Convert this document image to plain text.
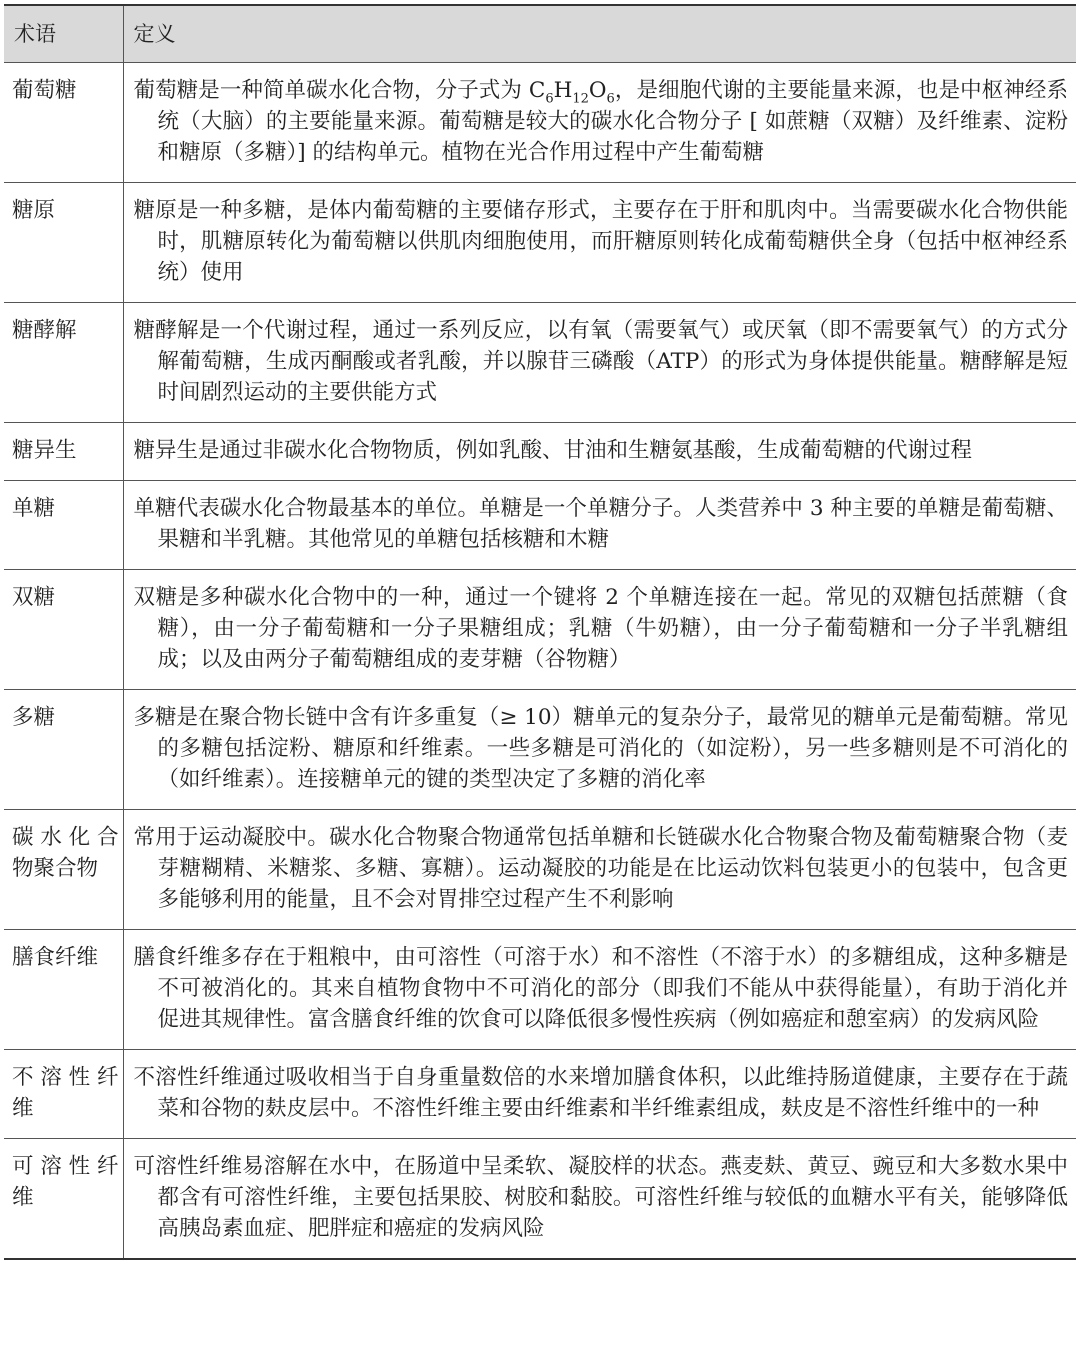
术语	定义
葡萄糖	葡萄糖是一种简单碳水化合物，分子式为 $C_6H_{12}O_6$，是细胞代谢的主要能量来源，也是中枢神经系统（大脑）的主要能量来源。葡萄糖是较大的碳水化合物分子 [ 如蔗糖（双糖）及纤维素、淀粉和糖原（多糖）] 的结构单元。植物在光合作用过程中产生葡萄糖

糖原	糖原是一种多糖，是体内葡萄糖的主要储存形式，主要存在于肝和肌肉中。当需要碳水化合物供能时，肌糖原转化为葡萄糖以供肌肉细胞使用，而肝糖原则转化成葡萄糖供全身（包括中枢神经系统）使用

糖酵解	糖酵解是一个代谢过程，通过一系列反应，以有氧（需要氧气）或厌氧（即不需要氧气）的方式分解葡萄糖，生成丙酮酸或者乳酸，并以腺苷三磷酸（ATP）的形式为身体提供能量。糖酵解是短时间剧烈运动的主要供能方式

糖异生	糖异生是通过非碳水化合物物质，例如乳酸、甘油和生糖氨基酸，生成葡萄糖的代谢过程

单糖	单糖代表碳水化合物最基本的单位。单糖是一个单糖分子。人类营养中 3 种主要的单糖是葡萄糖、果糖和半乳糖。其他常见的单糖包括核糖和木糖

双糖	双糖是多种碳水化合物中的一种，通过一个键将 2 个单糖连接在一起。常见的双糖包括蔗糖（食糖），由一分子葡萄糖和一分子果糖组成；乳糖（牛奶糖），由一分子葡萄糖和一分子半乳糖组成；以及由两分子葡萄糖组成的麦芽糖（谷物糖）

多糖	多糖是在聚合物长链中含有许多重复（≥ 10）糖单元的复杂分子，最常见的糖单元是葡萄糖。常见的多糖包括淀粉、糖原和纤维素。一些多糖是可消化的（如淀粉），另一些多糖则是不可消化的（如纤维素）。连接糖单元的键的类型决定了多糖的消化率

碳水化合物聚合物	常用于运动凝胶中。碳水化合物聚合物通常包括单糖和长链碳水化合物聚合物及葡萄糖聚合物（麦芽糖糊精、米糖浆、多糖、寡糖）。运动凝胶的功能是在比运动饮料包装更小的包装中，包含更多能够利用的能量，且不会对胃排空过程产生不利影响

膳食纤维	膳食纤维多存在于粗粮中，由可溶性（可溶于水）和不溶性（不溶于水）的多糖组成，这种多糖是不可被消化的。其来自植物食物中不可消化的部分（即我们不能从中获得能量），有助于消化并促进其规律性。富含膳食纤维的饮食可以降低很多慢性疾病（例如癌症和憩室病）的发病风险

不溶性纤维	不溶性纤维通过吸收相当于自身重量数倍的水来增加膳食体积，以此维持肠道健康，主要存在于蔬菜和谷物的麸皮层中。不溶性纤维主要由纤维素和半纤维素组成，麸皮是不溶性纤维中的一种

可溶性纤维	可溶性纤维易溶解在水中，在肠道中呈柔软、凝胶样的状态。燕麦麸、黄豆、豌豆和大多数水果中都含有可溶性纤维，主要包括果胶、树胶和黏胶。可溶性纤维与较低的血糖水平有关，能够降低高胰岛素血症、肥胖症和癌症的发病风险
